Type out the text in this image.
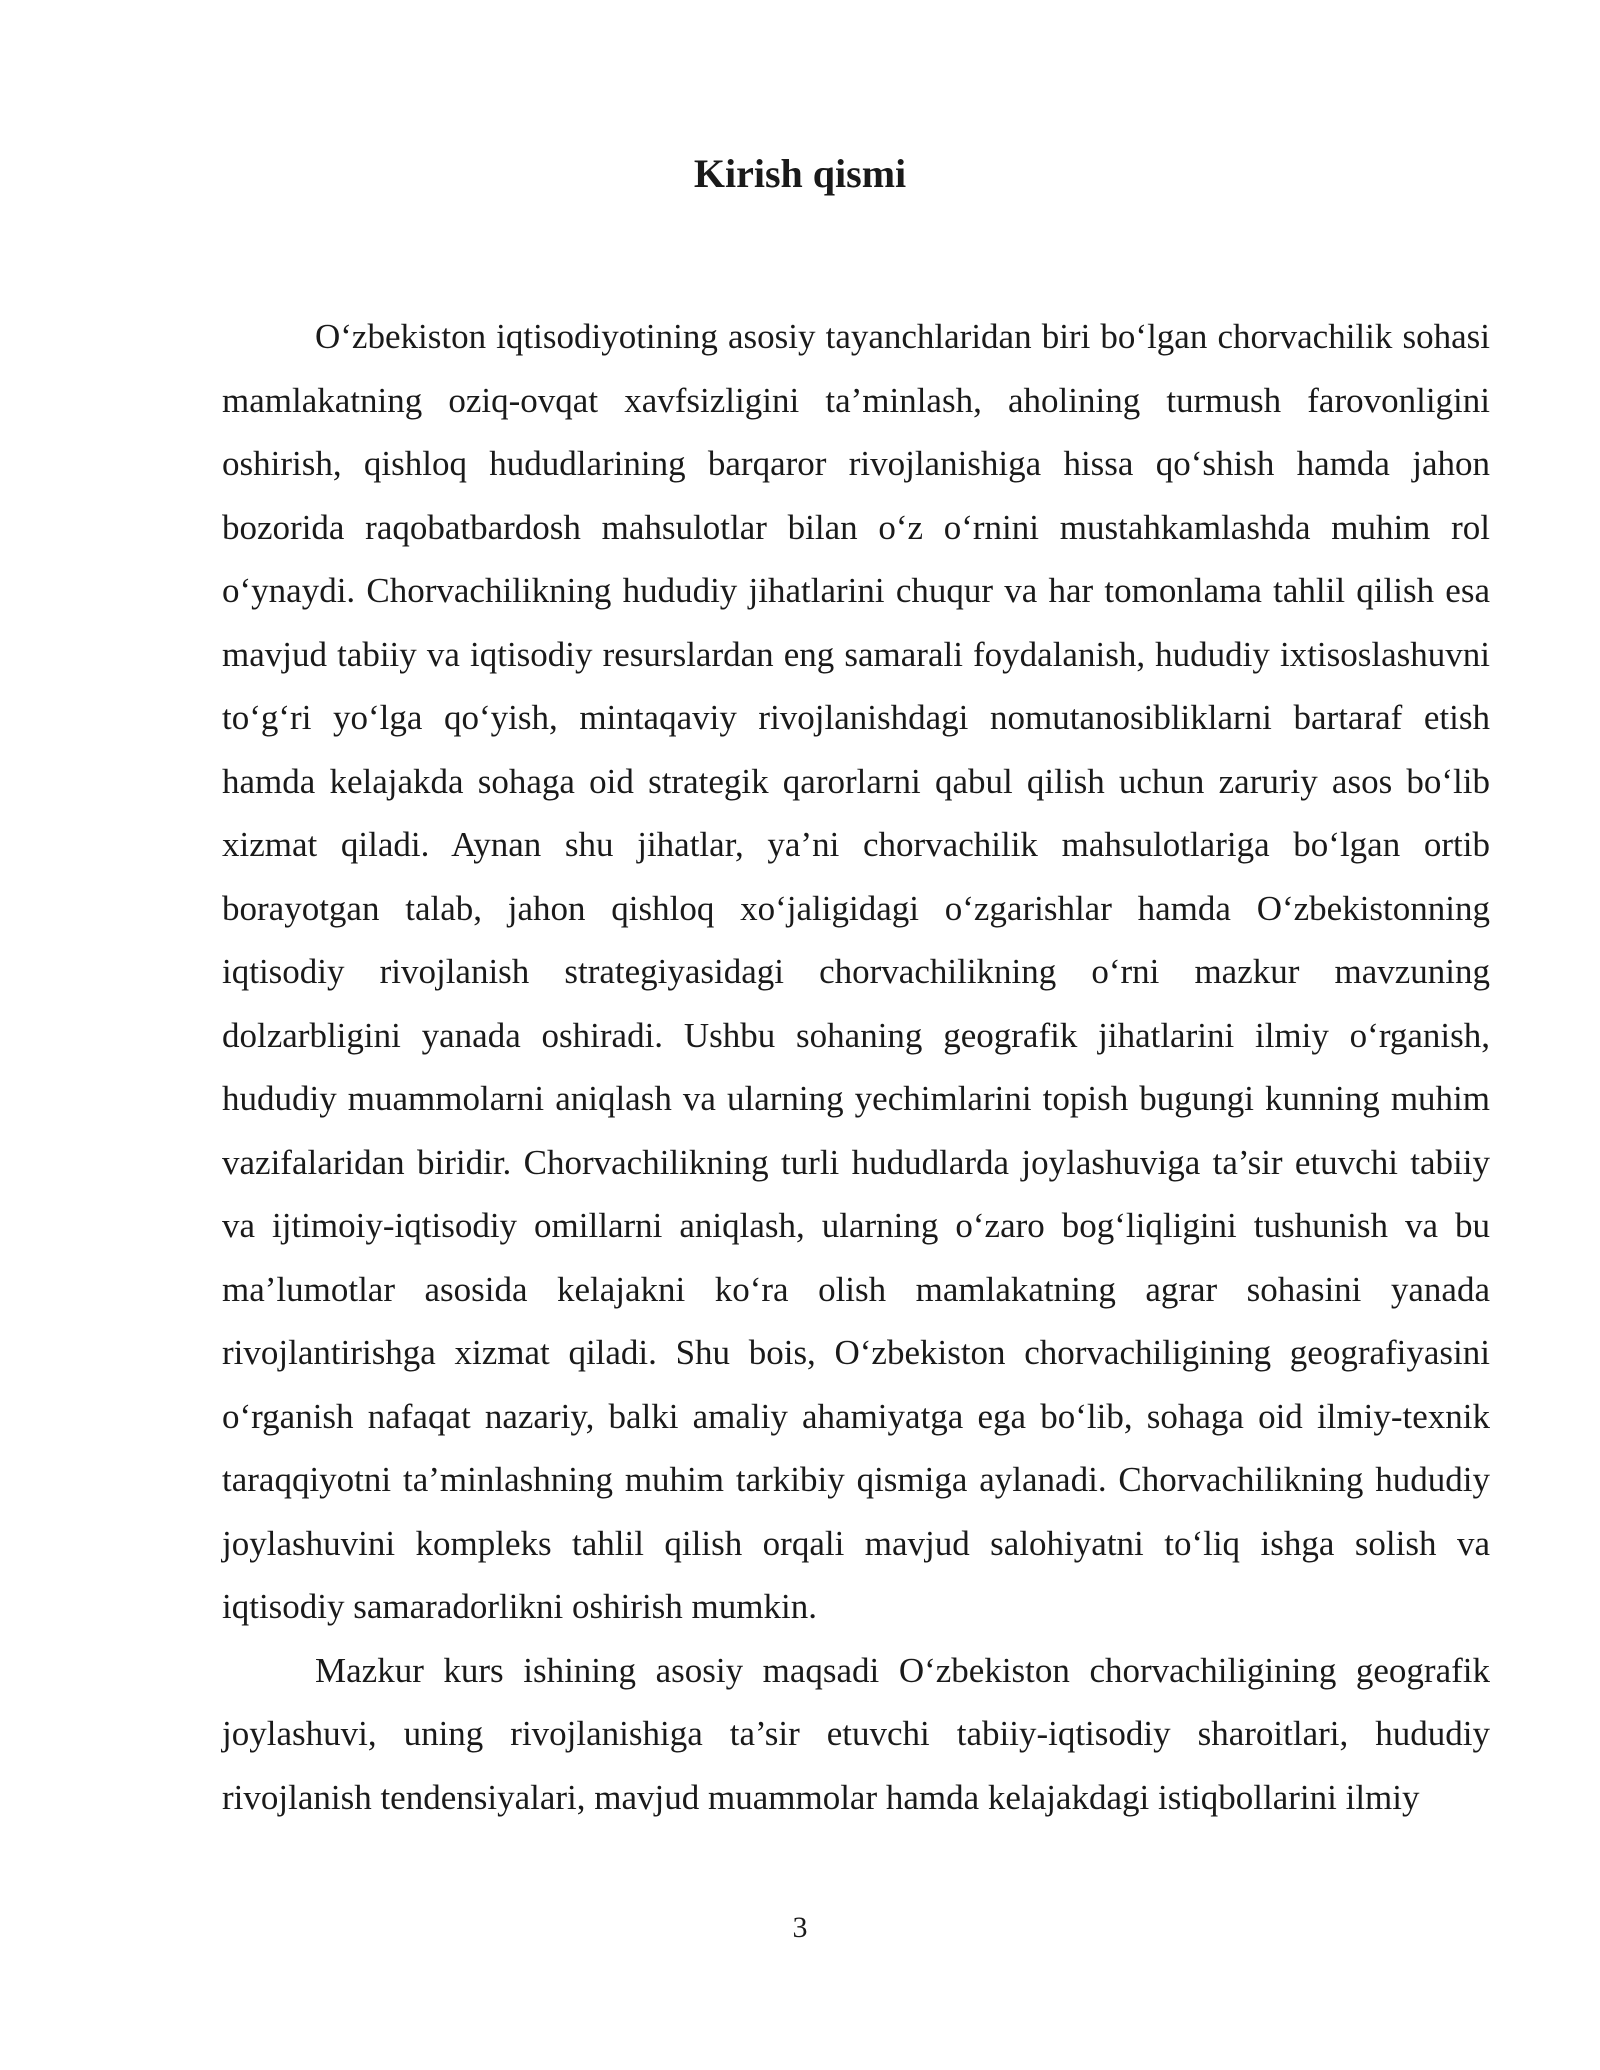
Kirish qismi

O‘zbekiston iqtisodiyotining asosiy tayanchlaridan biri bo‘lgan chorvachilik sohasi mamlakatning oziq-ovqat xavfsizligini ta’minlash, aholining turmush farovonligini oshirish, qishloq hududlarining barqaror rivojlanishiga hissa qo‘shish hamda jahon bozorida raqobatbardosh mahsulotlar bilan o‘z o‘rnini mustahkamlashda muhim rol o‘ynaydi. Chorvachilikning hududiy jihatlarini chuqur va har tomonlama tahlil qilish esa mavjud tabiiy va iqtisodiy resurslardan eng samarali foydalanish, hududiy ixtisoslashuvni to‘g‘ri yo‘lga qo‘yish, mintaqaviy rivojlanishdagi nomutanosibliklarni bartaraf etish hamda kelajakda sohaga oid strategik qarorlarni qabul qilish uchun zaruriy asos bo‘lib xizmat qiladi. Aynan shu jihatlar, ya’ni chorvachilik mahsulotlariga bo‘lgan ortib borayotgan talab, jahon qishloq xo‘jaligidagi o‘zgarishlar hamda O‘zbekistonning iqtisodiy rivojlanish strategiyasidagi chorvachilikning o‘rni mazkur mavzuning dolzarbligini yanada oshiradi. Ushbu sohaning geografik jihatlarini ilmiy o‘rganish, hududiy muammolarni aniqlash va ularning yechimlarini topish bugungi kunning muhim vazifalaridan biridir. Chorvachilikning turli hududlarda joylashuviga ta’sir etuvchi tabiiy va ijtimoiy-iqtisodiy omillarni aniqlash, ularning o‘zaro bog‘liqligini tushunish va bu ma’lumotlar asosida kelajakni ko‘ra olish mamlakatning agrar sohasini yanada rivojlantirishga xizmat qiladi. Shu bois, O‘zbekiston chorvachiligining geografiyasini o‘rganish nafaqat nazariy, balki amaliy ahamiyatga ega bo‘lib, sohaga oid ilmiy-texnik taraqqiyotni ta’minlashning muhim tarkibiy qismiga aylanadi. Chorvachilikning hududiy joylashuvini kompleks tahlil qilish orqali mavjud salohiyatni to‘liq ishga solish va iqtisodiy samaradorlikni oshirish mumkin.

Mazkur kurs ishining asosiy maqsadi O‘zbekiston chorvachiligining geografik joylashuvi, uning rivojlanishiga ta’sir etuvchi tabiiy-iqtisodiy sharoitlari, hududiy rivojlanish tendensiyalari, mavjud muammolar hamda kelajakdagi istiqbollarini ilmiy

3
